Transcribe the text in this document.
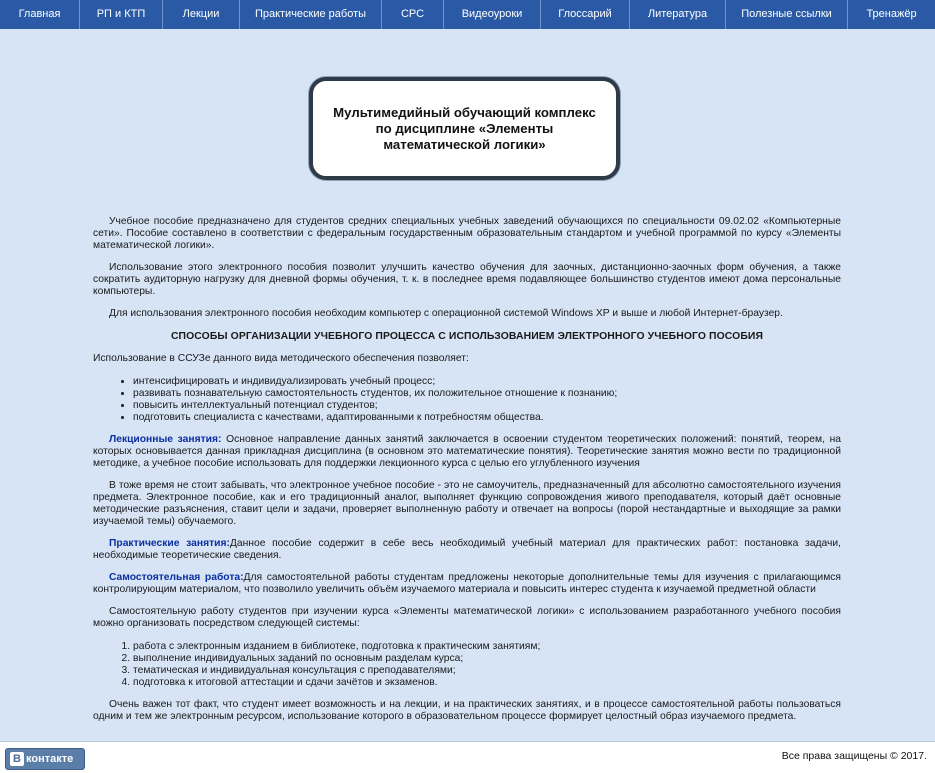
Главная	РП и КТП	Лекции	Практические работы	СРС	Видеоуроки	Глоссарий	Литература	Полезные ссылки	Тренажёр
Мультимедийный обучающий комплекс по дисциплине «Элементы математической логики»

Учебное пособие предназначено для студентов средних специальных учебных заведений обучающихся по специальности 09.02.02 «Компьютерные сети». Пособие составлено в соответствии с федеральным государственным образовательным стандартом и учебной программой по курсу «Элементы математической логики».

Использование этого электронного пособия позволит улучшить качество обучения для заочных, дистанционно-заочных форм обучения, а также сократить аудиторную нагрузку для дневной формы обучения, т. к. в последнее время подавляющее большинство студентов имеют дома персональные компьютеры.

Для использования электронного пособия необходим компьютер с операционной системой Windows XP и выше и любой Интернет-браузер.

СПОСОБЫ ОРГАНИЗАЦИИ УЧЕБНОГО ПРОЦЕССА С ИСПОЛЬЗОВАНИЕМ ЭЛЕКТРОННОГО УЧЕБНОГО ПОСОБИЯ

Использование в ССУЗе данного вида методического обеспечения позволяет:

• интенсифицировать и индивидуализировать учебный процесс;
• развивать познавательную самостоятельность студентов, их положительное отношение к познанию;
• повысить интеллектуальный потенциал студентов;
• подготовить специалиста с качествами, адаптированными к потребностям общества.

Лекционные занятия: Основное направление данных занятий заключается в освоении студентом теоретических положений: понятий, теорем, на которых основывается данная прикладная дисциплина (в основном это математические понятия). Теоретические занятия можно вести по традиционной методике, а учебное пособие использовать для поддержки лекционного курса с целью его углубленного изучения

В тоже время не стоит забывать, что электронное учебное пособие - это не самоучитель, предназначенный для абсолютно самостоятельного изучения предмета. Электронное пособие, как и его традиционный аналог, выполняет функцию сопровождения живого преподавателя, который даёт основные методические разъяснения, ставит цели и задачи, проверяет выполненную работу и отвечает на вопросы (порой нестандартные и выходящие за рамки изучаемой темы) обучаемого.

Практические занятия:Данное пособие содержит в себе весь необходимый учебный материал для практических работ: постановка задачи, необходимые теоретические сведения.

Самостоятельная работа:Для самостоятельной работы студентам предложены некоторые дополнительные темы для изучения с прилагающимся контролирующим материалом, что позволило увеличить объём изучаемого материала и повысить интерес студента к изучаемой предметной области

Самостоятельную работу студентов при изучении курса «Элементы математической логики» с использованием разработанного учебного пособия можно организовать посредством следующей системы:

1. работа с электронным изданием в библиотеке, подготовка к практическим занятиям;
2. выполнение индивидуальных заданий по основным разделам курса;
3. тематическая и индивидуальная консультация с преподавателями;
4. подготовка к итоговой аттестации и сдачи зачётов и экзаменов.

Очень важен тот факт, что студент имеет возможность и на лекции, и на практических занятиях, и в процессе самостоятельной работы пользоваться одним и тем же электронным ресурсом, использование которого в образовательном процессе формирует целостный образ изучаемого предмета.

B контакте	Все права защищены © 2017.
